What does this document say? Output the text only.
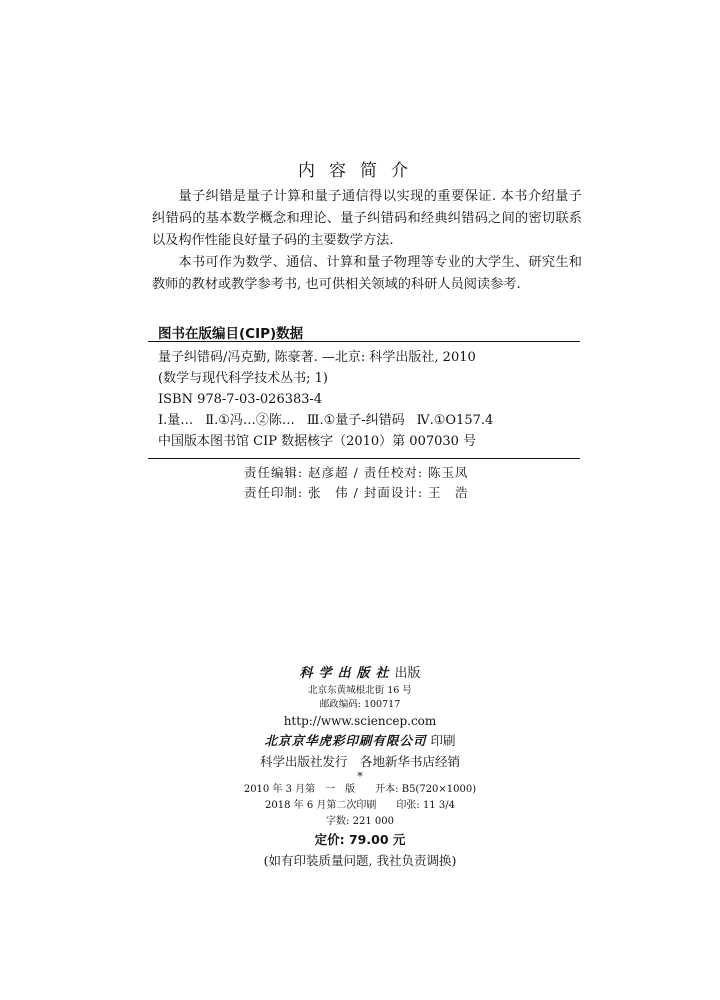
内容简介

量子纠错是量子计算和量子通信得以实现的重要保证. 本书介绍量子纠错码的基本数学概念和理论、量子纠错码和经典纠错码之间的密切联系以及构作性能良好量子码的主要数学方法.

本书可作为数学、通信、计算和量子物理等专业的大学生、研究生和教师的教材或教学参考书, 也可供相关领域的科研人员阅读参考.

图书在版编目(CIP)数据
量子纠错码/冯克勤, 陈豪著. —北京: 科学出版社, 2010
(数学与现代科学技术丛书; 1)
ISBN 978-7-03-026383-4
Ⅰ.量… Ⅱ.①冯…②陈… Ⅲ.①量子-纠错码 Ⅳ.①O157.4
中国版本图书馆 CIP 数据核字（2010）第 007030 号
责任编辑: 赵彦超 / 责任校对: 陈玉凤
责任印制: 张　伟 / 封面设计: 王　浩
科学出版社出版
北京东黄城根北街 16 号
邮政编码: 100717
http://www.sciencep.com
北京京华虎彩印刷有限公司 印刷
科学出版社发行　各地新华书店经销
*
2010 年 3 月第　一　版　　开本: B5(720×1000)
2018 年 6 月第二次印刷　　印张: 11 3/4
字数: 221 000
定价: 79.00 元
(如有印装质量问题, 我社负责调换)
